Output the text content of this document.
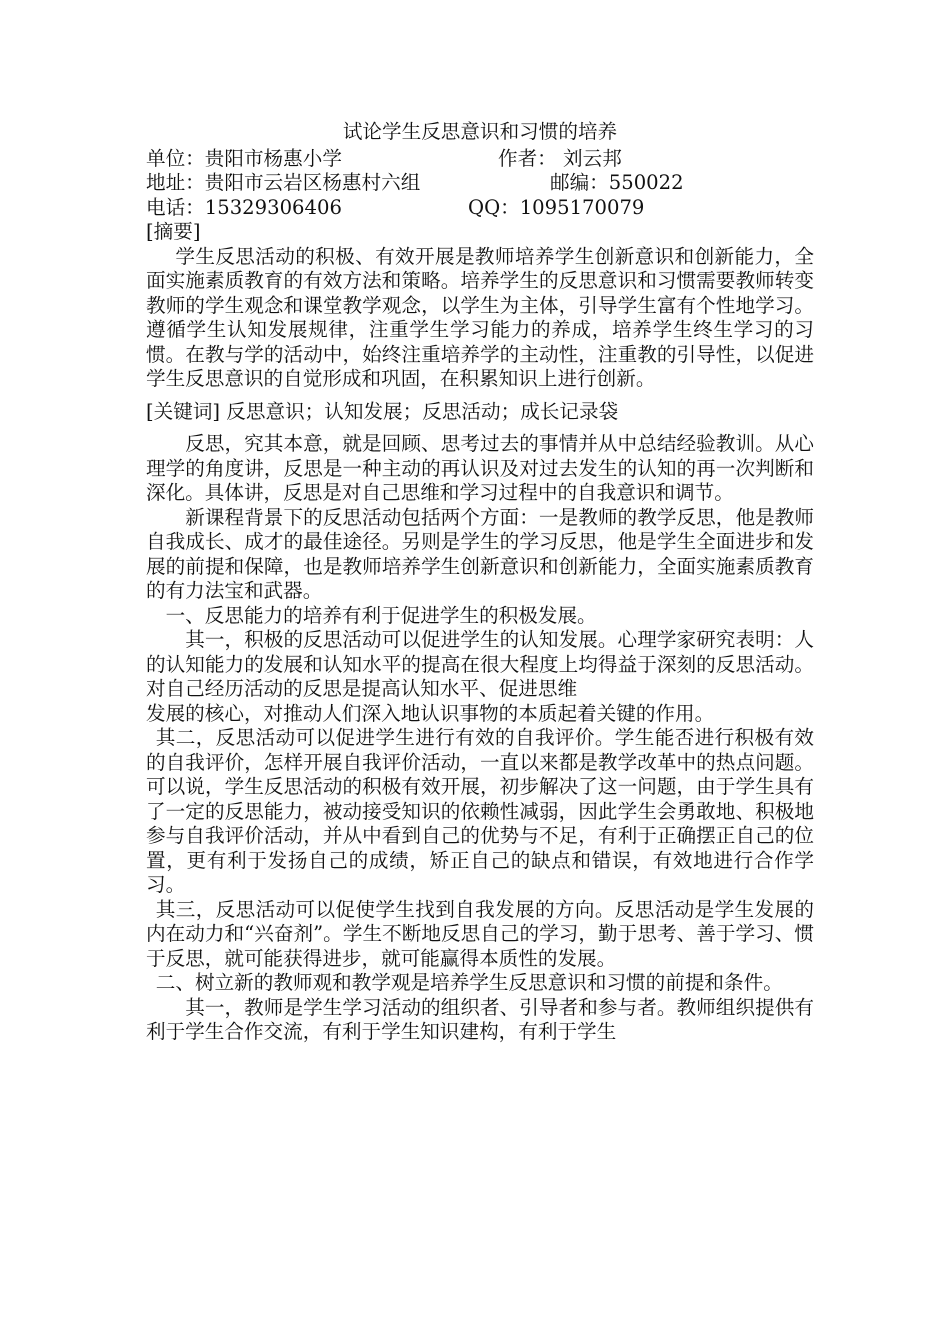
试论学生反思意识和习惯的培养
单位：贵阳市杨惠小学	作者： 刘云邦
地址：贵阳市云岩区杨惠村六组	邮编：550022
电话：15329306406	QQ：1095170079

[摘要]

学生反思活动的积极、有效开展是教师培养学生创新意识和创新能力，全面实施素质教育的有效方法和策略。培养学生的反思意识和习惯需要教师转变教师的学生观念和课堂教学观念，以学生为主体，引导学生富有个性地学习。遵循学生认知发展规律，注重学生学习能力的养成，培养学生终生学习的习惯。在教与学的活动中，始终注重培养学的主动性，注重教的引导性，以促进学生反思意识的自觉形成和巩固，在积累知识上进行创新。

[关键词] 反思意识；认知发展；反思活动；成长记录袋

反思，究其本意，就是回顾、思考过去的事情并从中总结经验教训。从心理学的角度讲，反思是一种主动的再认识及对过去发生的认知的再一次判断和深化。具体讲，反思是对自己思维和学习过程中的自我意识和调节。

新课程背景下的反思活动包括两个方面：一是教师的教学反思，他是教师自我成长、成才的最佳途径。另则是学生的学习反思，他是学生全面进步和发展的前提和保障，也是教师培养学生创新意识和创新能力，全面实施素质教育的有力法宝和武器。

一、反思能力的培养有利于促进学生的积极发展。

其一，积极的反思活动可以促进学生的认知发展。心理学家研究表明：人的认知能力的发展和认知水平的提高在很大程度上均得益于深刻的反思活动。对自己经历活动的反思是提高认知水平、促进思维

发展的核心，对推动人们深入地认识事物的本质起着关键的作用。

其二，反思活动可以促进学生进行有效的自我评价。学生能否进行积极有效的自我评价，怎样开展自我评价活动，一直以来都是教学改革中的热点问题。可以说，学生反思活动的积极有效开展，初步解决了这一问题，由于学生具有了一定的反思能力，被动接受知识的依赖性减弱，因此学生会勇敢地、积极地参与自我评价活动，并从中看到自己的优势与不足，有利于正确摆正自己的位置，更有利于发扬自己的成绩，矫正自己的缺点和错误，有效地进行合作学习。

其三，反思活动可以促使学生找到自我发展的方向。反思活动是学生发展的内在动力和“兴奋剂”。学生不断地反思自己的学习，勤于思考、善于学习、惯于反思，就可能获得进步，就可能赢得本质性的发展。

二、树立新的教师观和教学观是培养学生反思意识和习惯的前提和条件。

其一，教师是学生学习活动的组织者、引导者和参与者。教师组织提供有利于学生合作交流，有利于学生知识建构，有利于学生
